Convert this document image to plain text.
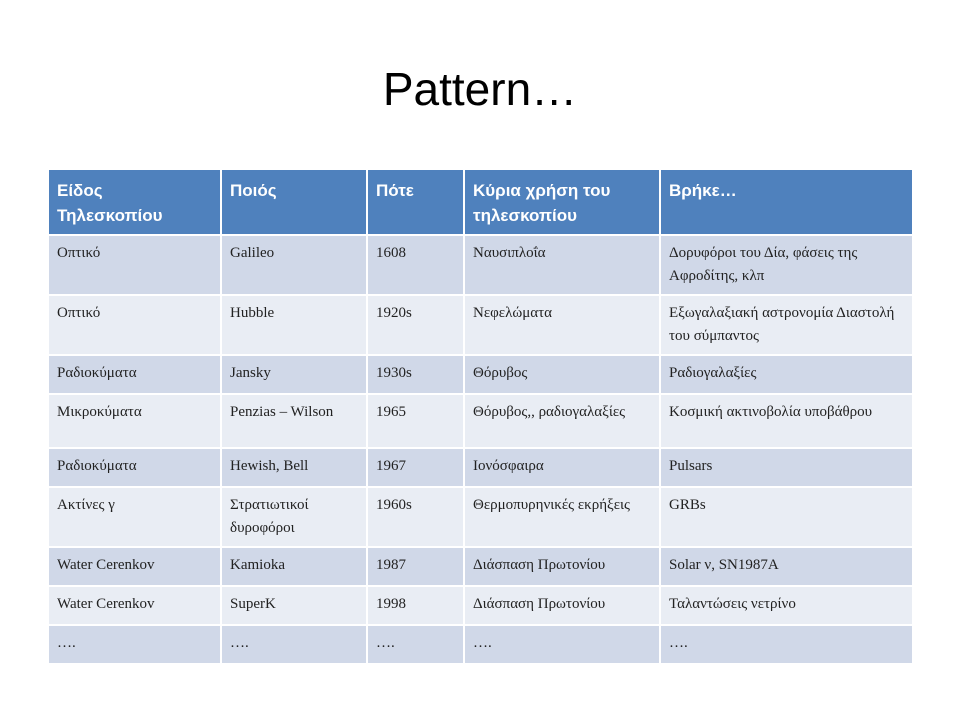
Pattern…
Είδος Τηλεσκοπίου	Ποιός	Πότε	Κύρια χρήση του τηλεσκοπίου	Βρήκε…
Οπτικό	Galileo	1608	Ναυσιπλοΐα	Δορυφόροι του Δία, φάσεις της Αφροδίτης, κλπ
Οπτικό	Hubble	1920s	Νεφελώματα	Εξωγαλαξιακή αστρονομία Διαστολή του σύμπαντος
Ραδιοκύματα	Jansky	1930s	Θόρυβος	Ραδιογαλαξίες
Μικροκύματα	Penzias – Wilson	1965	Θόρυβος,, ραδιογαλαξίες	Κοσμική ακτινοβολία υποβάθρου
Ραδιοκύματα	Hewish, Bell	1967	Ιονόσφαιρα	Pulsars
Ακτίνες γ	Στρατιωτικοί δυροφόροι	1960s	Θερμοπυρηνικές εκρήξεις	GRBs
Water Cerenkov	Kamioka	1987	Διάσπαση Πρωτονίου	Solar ν, SN1987A
Water Cerenkov	SuperK	1998	Διάσπαση Πρωτονίου	Ταλαντώσεις νετρίνο
….	….	….	….	….
